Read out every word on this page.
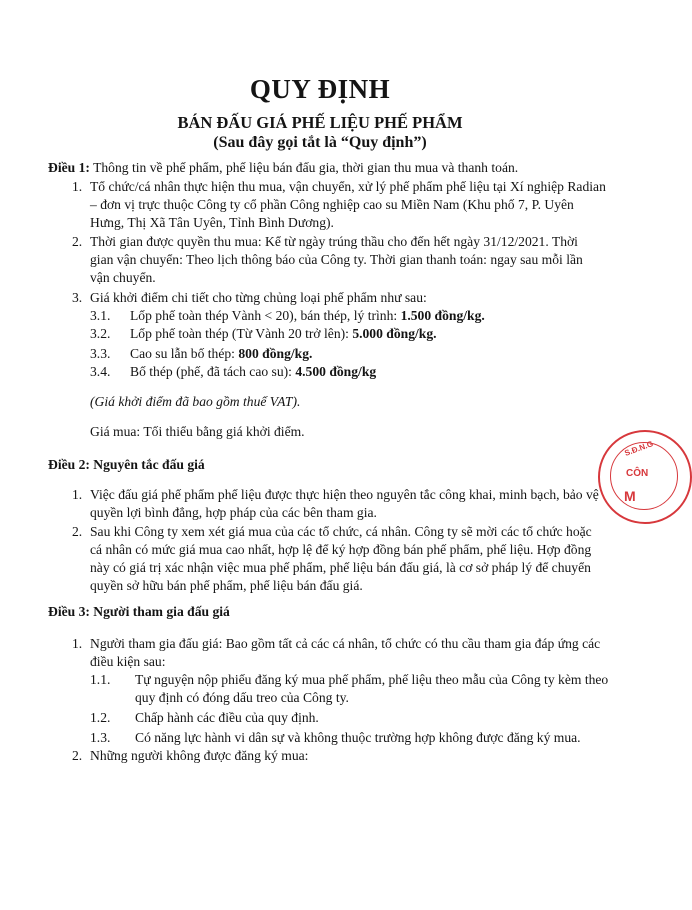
QUY ĐỊNH
BÁN ĐẤU GIÁ PHẾ LIỆU PHẾ PHẨM
(Sau đây gọi tắt là “Quy định”)
Điều 1: Thông tin về phế phẩm, phế liệu bán đấu gia, thời gian thu mua và thanh toán.
1. Tổ chức/cá nhân thực hiện thu mua, vận chuyển, xử lý phế phẩm phế liệu tại Xí nghiệp Radian
– đơn vị trực thuộc Công ty cổ phần Công nghiệp cao su Miền Nam (Khu phố 7, P. Uyên
Hưng, Thị Xã Tân Uyên, Tỉnh Bình Dương).
2. Thời gian được quyền thu mua: Kể từ ngày trúng thầu cho đến hết ngày 31/12/2021. Thời
gian vận chuyển: Theo lịch thông báo của Công ty. Thời gian thanh toán: ngay sau mỗi lần
vận chuyển.
3. Giá khởi điểm chi tiết cho từng chủng loại phế phẩm như sau:
3.1. Lốp phế toàn thép Vành < 20), bán thép, lý trình: 1.500 đồng/kg.
3.2. Lốp phế toàn thép (Từ Vành 20 trở lên): 5.000 đồng/kg.
3.3. Cao su lẫn bố thép: 800 đồng/kg.
3.4. Bố thép (phế, đã tách cao su): 4.500 đồng/kg
(Giá khởi điểm đã bao gồm thuế VAT).
Giá mua: Tối thiểu bằng giá khởi điểm.
Điều 2: Nguyên tắc đấu giá
1. Việc đấu giá phế phẩm phế liệu được thực hiện theo nguyên tắc công khai, minh bạch, bảo vệ
quyền lợi bình đẳng, hợp pháp của các bên tham gia.
2. Sau khi Công ty xem xét giá mua của các tổ chức, cá nhân. Công ty sẽ mời các tổ chức hoặc
cá nhân có mức giá mua cao nhất, hợp lệ để ký hợp đồng bán phế phẩm, phế liệu. Hợp đồng
này có giá trị xác nhận việc mua phế phẩm, phế liệu bán đấu giá, là cơ sở pháp lý để chuyển
quyền sở hữu bán phế phẩm, phế liệu bán đấu giá.
Điều 3: Người tham gia đấu giá
1. Người tham gia đấu giá: Bao gồm tất cả các cá nhân, tổ chức có thu cầu tham gia đáp ứng các
điều kiện sau:
1.1. Tự nguyện nộp phiếu đăng ký mua phế phẩm, phế liệu theo mẫu của Công ty kèm theo
quy định có đóng dấu treo của Công ty.
1.2. Chấp hành các điều của quy định.
1.3. Có năng lực hành vi dân sự và không thuộc trường hợp không được đăng ký mua.
2. Những người không được đăng ký mua:
S.Đ.N.G
CÔN
M
